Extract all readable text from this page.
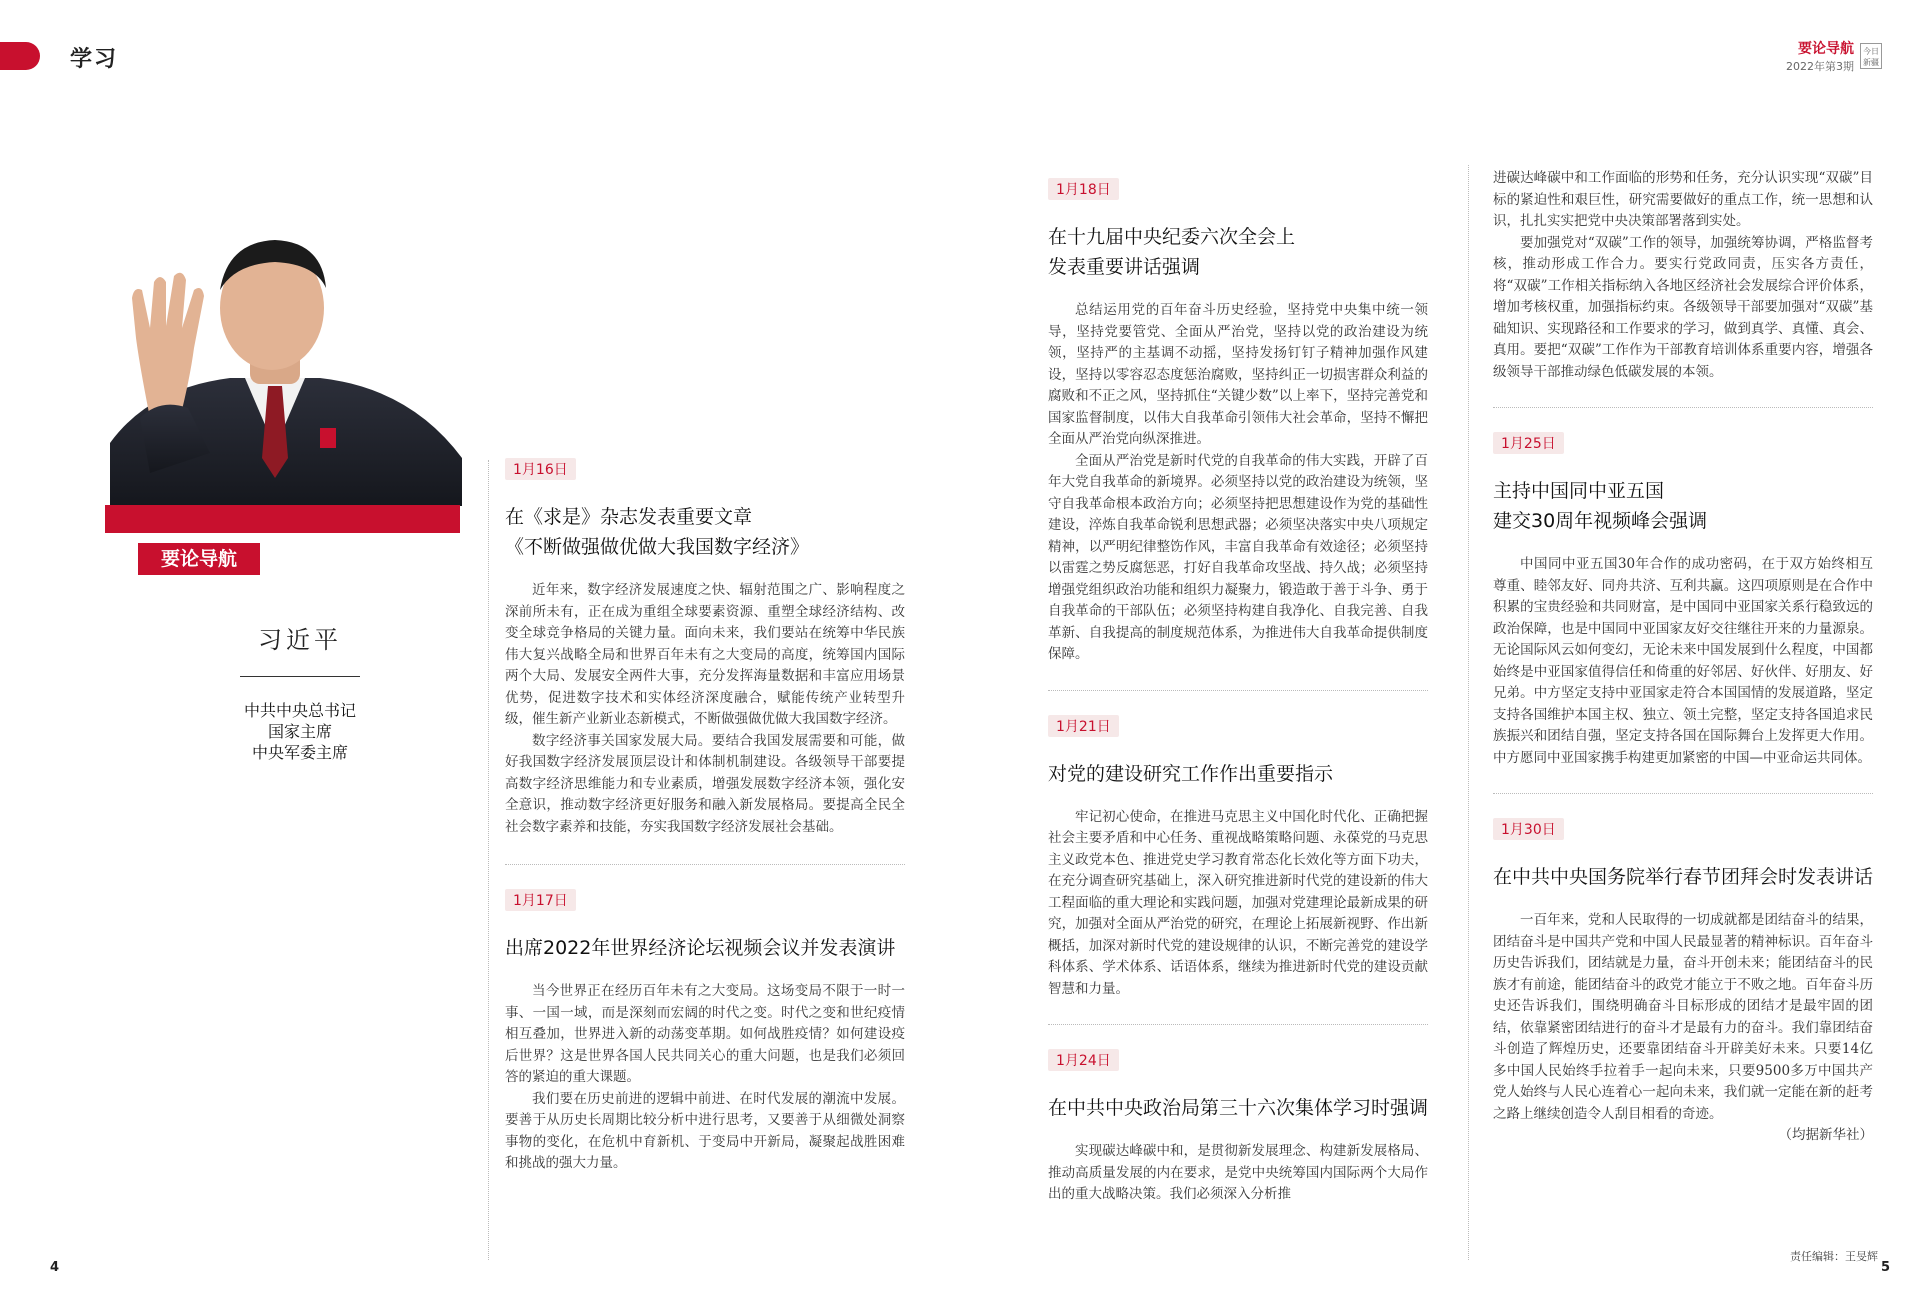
学习	要论导航
2022年第3期
今日
新疆
要论导航
习近平
中共中央总书记
国家主席
中央军委主席
1月16日
在《求是》杂志发表重要文章
《不断做强做优做大我国数字经济》

近年来，数字经济发展速度之快、辐射范围之广、影响程度之深前所未有，正在成为重组全球要素资源、重塑全球经济结构、改变全球竞争格局的关键力量。面向未来，我们要站在统筹中华民族伟大复兴战略全局和世界百年未有之大变局的高度，统筹国内国际两个大局、发展安全两件大事，充分发挥海量数据和丰富应用场景优势，促进数字技术和实体经济深度融合，赋能传统产业转型升级，催生新产业新业态新模式，不断做强做优做大我国数字经济。

数字经济事关国家发展大局。要结合我国发展需要和可能，做好我国数字经济发展顶层设计和体制机制建设。各级领导干部要提高数字经济思维能力和专业素质，增强发展数字经济本领，强化安全意识，推动数字经济更好服务和融入新发展格局。要提高全民全社会数字素养和技能，夯实我国数字经济发展社会基础。

1月17日
出席2022年世界经济论坛视频会议并发表演讲

当今世界正在经历百年未有之大变局。这场变局不限于一时一事、一国一域，而是深刻而宏阔的时代之变。时代之变和世纪疫情相互叠加，世界进入新的动荡变革期。如何战胜疫情？如何建设疫后世界？这是世界各国人民共同关心的重大问题，也是我们必须回答的紧迫的重大课题。

我们要在历史前进的逻辑中前进、在时代发展的潮流中发展。要善于从历史长周期比较分析中进行思考，又要善于从细微处洞察事物的变化，在危机中育新机、于变局中开新局，凝聚起战胜困难和挑战的强大力量。

1月18日
在十九届中央纪委六次全会上
发表重要讲话强调

总结运用党的百年奋斗历史经验，坚持党中央集中统一领导，坚持党要管党、全面从严治党，坚持以党的政治建设为统领，坚持严的主基调不动摇，坚持发扬钉钉子精神加强作风建设，坚持以零容忍态度惩治腐败，坚持纠正一切损害群众利益的腐败和不正之风，坚持抓住“关键少数”以上率下，坚持完善党和国家监督制度，以伟大自我革命引领伟大社会革命，坚持不懈把全面从严治党向纵深推进。

全面从严治党是新时代党的自我革命的伟大实践，开辟了百年大党自我革命的新境界。必须坚持以党的政治建设为统领，坚守自我革命根本政治方向；必须坚持把思想建设作为党的基础性建设，淬炼自我革命锐利思想武器；必须坚决落实中央八项规定精神，以严明纪律整饬作风，丰富自我革命有效途径；必须坚持以雷霆之势反腐惩恶，打好自我革命攻坚战、持久战；必须坚持增强党组织政治功能和组织力凝聚力，锻造敢于善于斗争、勇于自我革命的干部队伍；必须坚持构建自我净化、自我完善、自我革新、自我提高的制度规范体系，为推进伟大自我革命提供制度保障。

1月21日
对党的建设研究工作作出重要指示

牢记初心使命，在推进马克思主义中国化时代化、正确把握社会主要矛盾和中心任务、重视战略策略问题、永葆党的马克思主义政党本色、推进党史学习教育常态化长效化等方面下功夫，在充分调查研究基础上，深入研究推进新时代党的建设新的伟大工程面临的重大理论和实践问题，加强对党建理论最新成果的研究，加强对全面从严治党的研究，在理论上拓展新视野、作出新概括，加深对新时代党的建设规律的认识，不断完善党的建设学科体系、学术体系、话语体系，继续为推进新时代党的建设贡献智慧和力量。

1月24日
在中共中央政治局第三十六次集体学习时强调

实现碳达峰碳中和，是贯彻新发展理念、构建新发展格局、推动高质量发展的内在要求，是党中央统筹国内国际两个大局作出的重大战略决策。我们必须深入分析推

进碳达峰碳中和工作面临的形势和任务，充分认识实现“双碳”目标的紧迫性和艰巨性，研究需要做好的重点工作，统一思想和认识，扎扎实实把党中央决策部署落到实处。

要加强党对“双碳”工作的领导，加强统筹协调，严格监督考核，推动形成工作合力。要实行党政同责，压实各方责任，将“双碳”工作相关指标纳入各地区经济社会发展综合评价体系，增加考核权重，加强指标约束。各级领导干部要加强对“双碳”基础知识、实现路径和工作要求的学习，做到真学、真懂、真会、真用。要把“双碳”工作作为干部教育培训体系重要内容，增强各级领导干部推动绿色低碳发展的本领。

1月25日
主持中国同中亚五国
建交30周年视频峰会强调

中国同中亚五国30年合作的成功密码，在于双方始终相互尊重、睦邻友好、同舟共济、互利共赢。这四项原则是在合作中积累的宝贵经验和共同财富，是中国同中亚国家关系行稳致远的政治保障，也是中国同中亚国家友好交往继往开来的力量源泉。无论国际风云如何变幻，无论未来中国发展到什么程度，中国都始终是中亚国家值得信任和倚重的好邻居、好伙伴、好朋友、好兄弟。中方坚定支持中亚国家走符合本国国情的发展道路，坚定支持各国维护本国主权、独立、领土完整，坚定支持各国追求民族振兴和团结自强，坚定支持各国在国际舞台上发挥更大作用。中方愿同中亚国家携手构建更加紧密的中国—中亚命运共同体。

1月30日
在中共中央国务院举行春节团拜会时发表讲话

一百年来，党和人民取得的一切成就都是团结奋斗的结果，团结奋斗是中国共产党和中国人民最显著的精神标识。百年奋斗历史告诉我们，团结就是力量，奋斗开创未来；能团结奋斗的民族才有前途，能团结奋斗的政党才能立于不败之地。百年奋斗历史还告诉我们，围绕明确奋斗目标形成的团结才是最牢固的团结，依靠紧密团结进行的奋斗才是最有力的奋斗。我们靠团结奋斗创造了辉煌历史，还要靠团结奋斗开辟美好未来。只要14亿多中国人民始终手拉着手一起向未来，只要9500多万中国共产党人始终与人民心连着心一起向未来，我们就一定能在新的赶考之路上继续创造令人刮目相看的奇迹。

（均据新华社）
责任编辑：王旻辉
4	5
